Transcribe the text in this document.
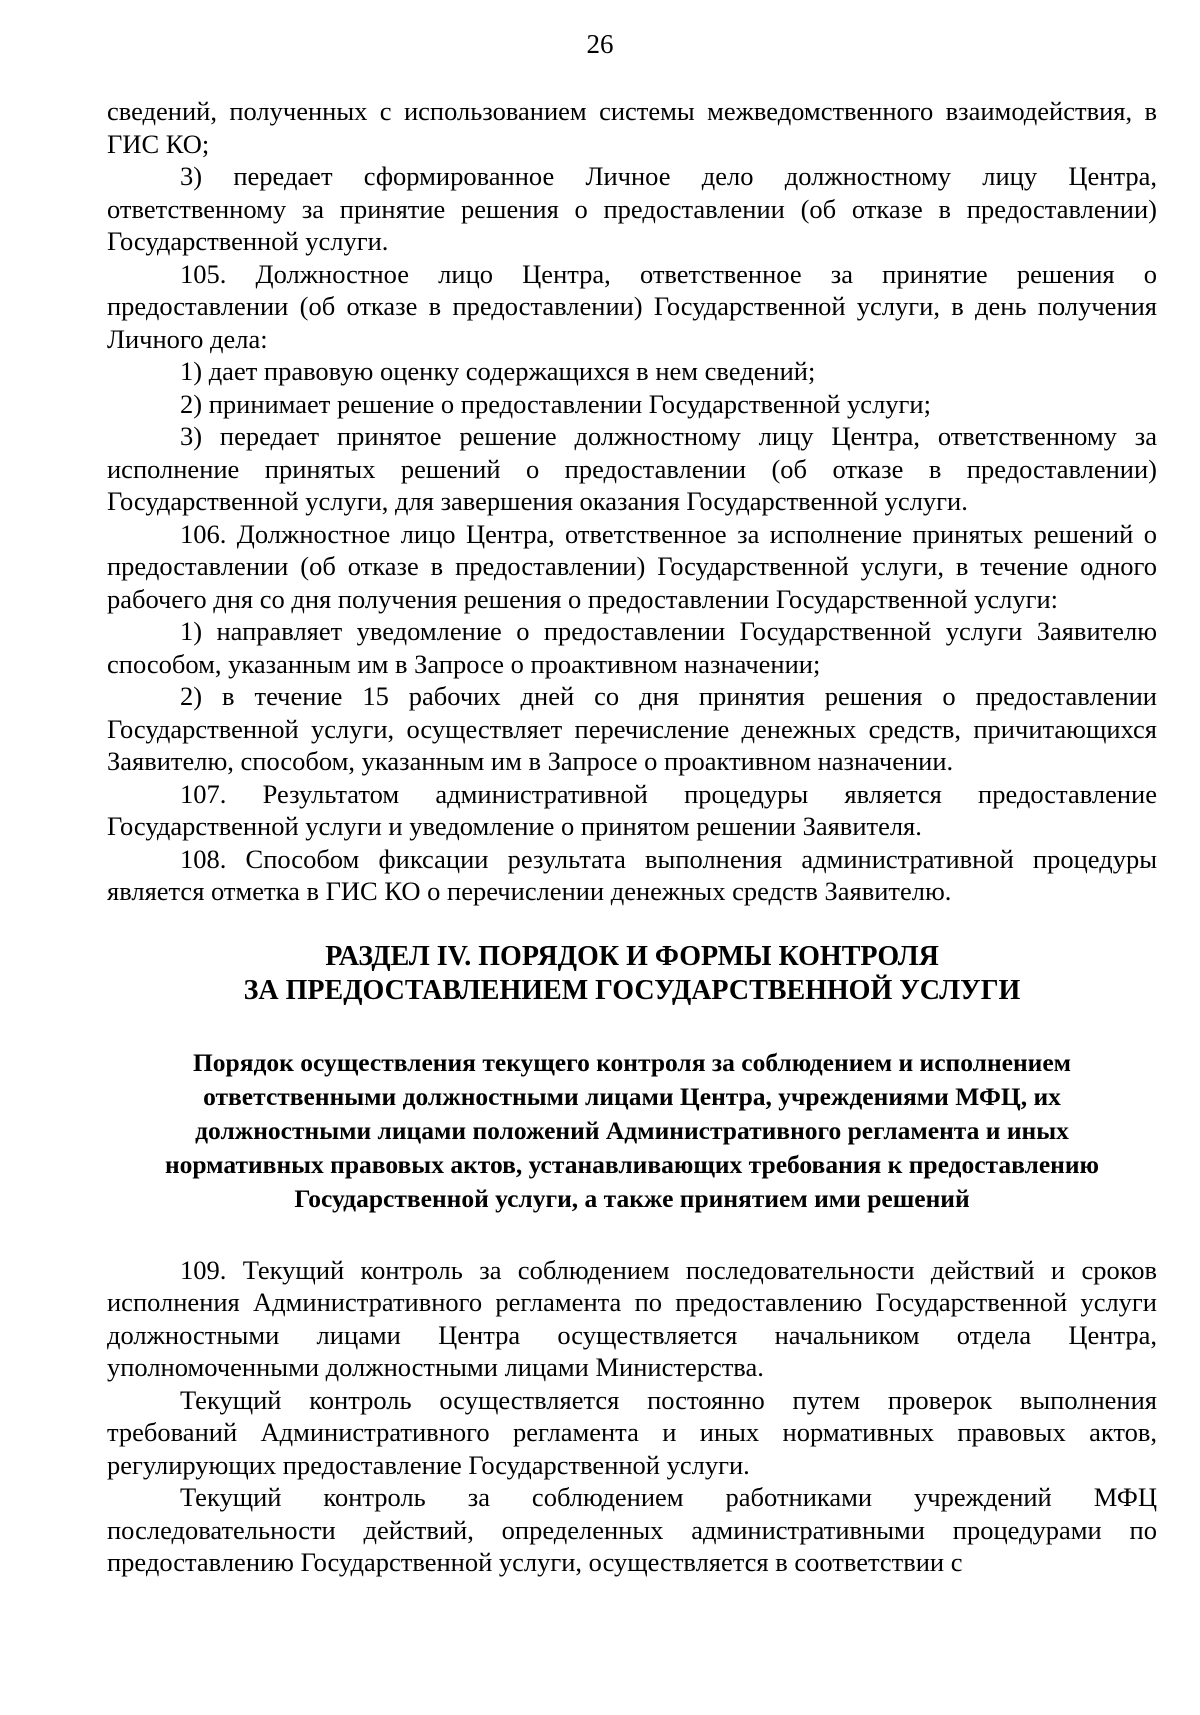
26

сведений, полученных с использованием системы межведомственного взаимодействия, в ГИС КО;

3) передает сформированное Личное дело должностному лицу Центра, ответственному за принятие решения о предоставлении (об отказе в предоставлении) Государственной услуги.

105. Должностное лицо Центра, ответственное за принятие решения о предоставлении (об отказе в предоставлении) Государственной услуги, в день получения Личного дела:

1) дает правовую оценку содержащихся в нем сведений;

2) принимает решение о предоставлении Государственной услуги;

3) передает принятое решение должностному лицу Центра, ответственному за исполнение принятых решений о предоставлении (об отказе в предоставлении) Государственной услуги, для завершения оказания Государственной услуги.

106. Должностное лицо Центра, ответственное за исполнение принятых решений о предоставлении (об отказе в предоставлении) Государственной услуги, в течение одного рабочего дня со дня получения решения о предоставлении Государственной услуги:

1) направляет уведомление о предоставлении Государственной услуги Заявителю способом, указанным им в Запросе о проактивном назначении;

2) в течение 15 рабочих дней со дня принятия решения о предоставлении Государственной услуги, осуществляет перечисление денежных средств, причитающихся Заявителю, способом, указанным им в Запросе о проактивном назначении.

107. Результатом административной процедуры является предоставление Государственной услуги и уведомление о принятом решении Заявителя.

108. Способом фиксации результата выполнения административной процедуры является отметка в ГИС КО о перечислении денежных средств Заявителю.

РАЗДЕЛ IV. ПОРЯДОК И ФОРМЫ КОНТРОЛЯ
ЗА ПРЕДОСТАВЛЕНИЕМ ГОСУДАРСТВЕННОЙ УСЛУГИ
Порядок осуществления текущего контроля за соблюдением и исполнением ответственными должностными лицами Центра, учреждениями МФЦ, их должностными лицами положений Административного регламента и иных нормативных правовых актов, устанавливающих требования к предоставлению Государственной услуги, а также принятием ими решений

109. Текущий контроль за соблюдением последовательности действий и сроков исполнения Административного регламента по предоставлению Государственной услуги должностными лицами Центра осуществляется начальником отдела Центра, уполномоченными должностными лицами Министерства.

Текущий контроль осуществляется постоянно путем проверок выполнения требований Административного регламента и иных нормативных правовых актов, регулирующих предоставление Государственной услуги.

Текущий контроль за соблюдением работниками учреждений МФЦ последовательности действий, определенных административными процедурами по предоставлению Государственной услуги, осуществляется в соответствии с
